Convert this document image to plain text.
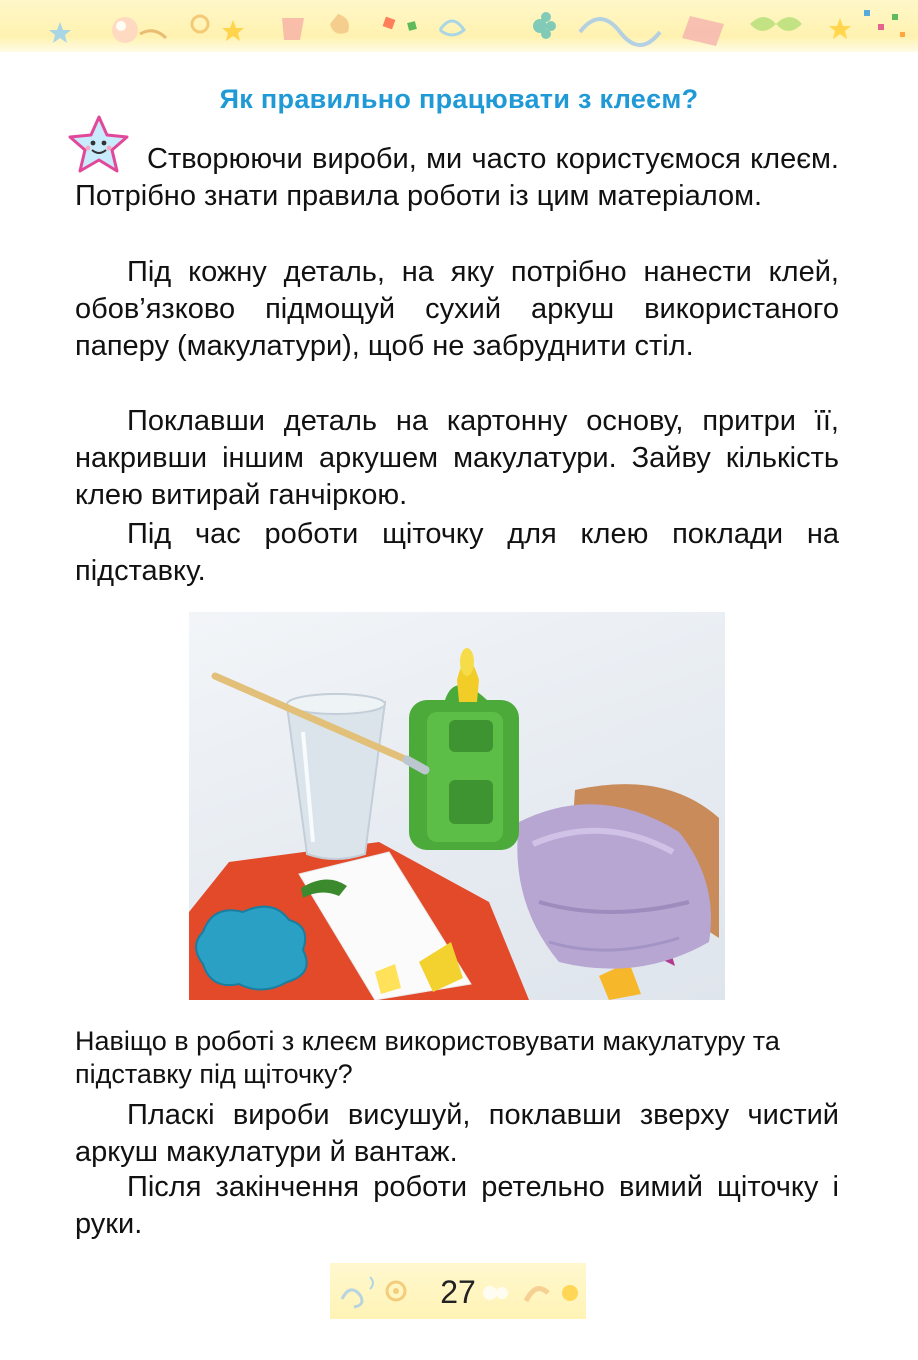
Як правильно працювати з клеєм?

Створюючи вироби, ми часто користуємося клеєм. Потрібно знати правила роботи із цим матеріалом.

Під кожну деталь, на яку потрібно нанести клей, обов’язково підмощуй сухий аркуш використаного паперу (макулатури), щоб не забруднити стіл.

Поклавши деталь на картонну основу, притри її, накривши іншим аркушем макулатури. Зайву кількість клею витирай ганчіркою.

Під час роботи щіточку для клею поклади на підставку.

Навіщо в роботі з клеєм використовувати макулатуру та підставку під щіточку?

Пласкі вироби висушуй, поклавши зверху чистий аркуш макулатури й вантаж.

Після закінчення роботи ретельно вимий щіточку і руки.

27
